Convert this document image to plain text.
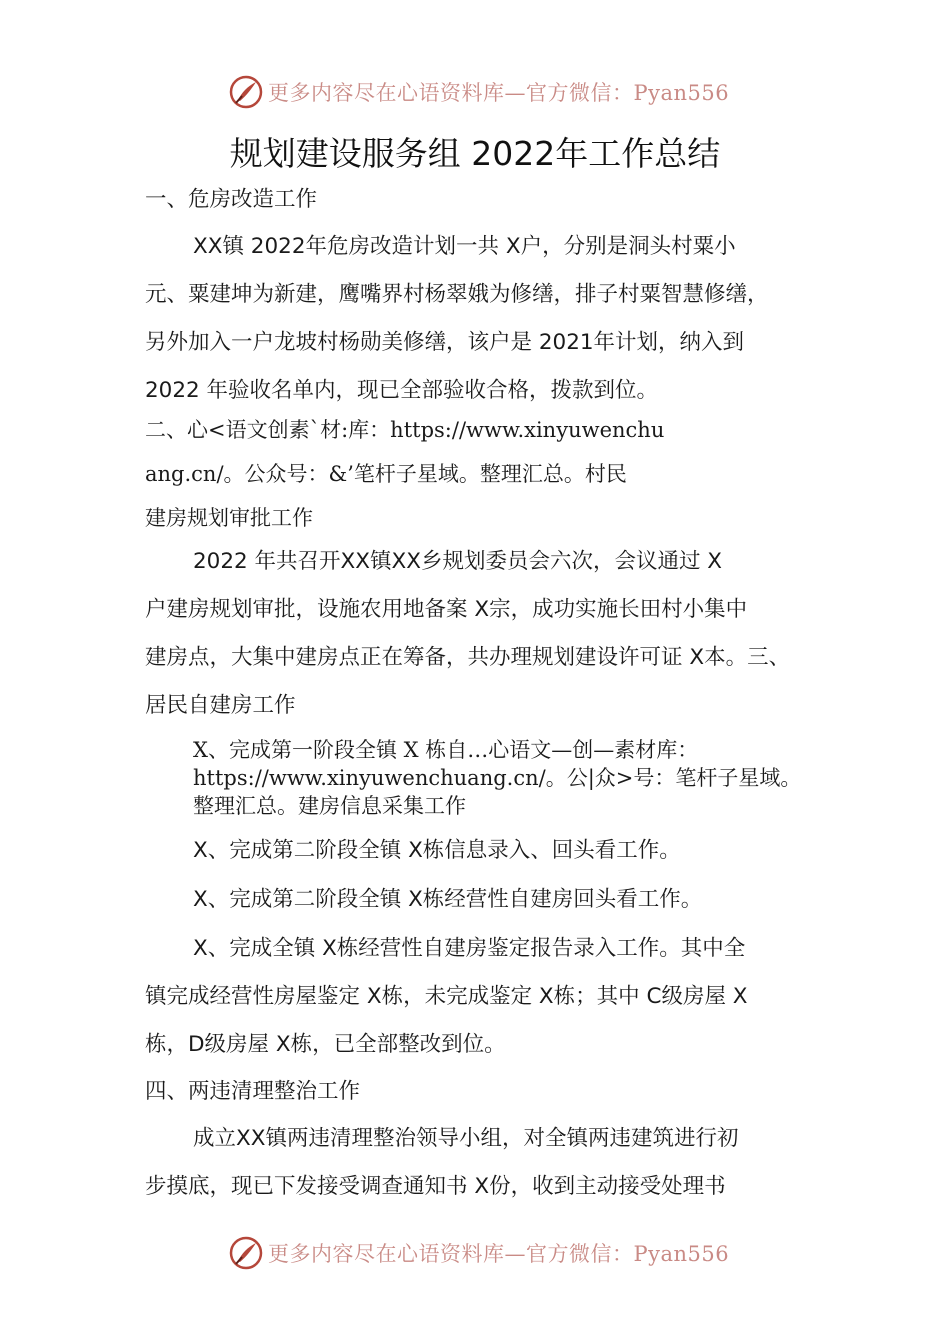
更多内容尽在心语资料库—官方微信：Pyan556
规划建设服务组 2022年工作总结
一、危房改造工作
XX镇 2022年危房改造计划一共 X户，分别是洞头村粟小
元、粟建坤为新建，鹰嘴界村杨翠娥为修缮，排子村粟智慧修缮，
另外加入一户龙坡村杨勋美修缮，该户是 2021年计划，纳入到
2022 年验收名单内，现已全部验收合格，拨款到位。
二、心<语文创素`材:库：https://www.xinyuwenchu
ang.cn/。公众号：&’笔杆子星域。整理汇总。村民
建房规划审批工作
2022 年共召开XX镇XX乡规划委员会六次，会议通过 X
户建房规划审批，设施农用地备案 X宗，成功实施长田村小集中
建房点，大集中建房点正在筹备，共办理规划建设许可证 X本。三、
居民自建房工作
X、完成第一阶段全镇 X 栋自…心语文—创—素材库：
https://www.xinyuwenchuang.cn/。公|众>号：笔杆子星域。
整理汇总。建房信息采集工作
X、完成第二阶段全镇 X栋信息录入、回头看工作。
X、完成第二阶段全镇 X栋经营性自建房回头看工作。
X、完成全镇 X栋经营性自建房鉴定报告录入工作。其中全
镇完成经营性房屋鉴定 X栋，未完成鉴定 X栋；其中 C级房屋 X
栋，D级房屋 X栋，已全部整改到位。
四、两违清理整治工作
成立XX镇两违清理整治领导小组，对全镇两违建筑进行初
步摸底，现已下发接受调查通知书 X份，收到主动接受处理书
更多内容尽在心语资料库—官方微信：Pyan556
